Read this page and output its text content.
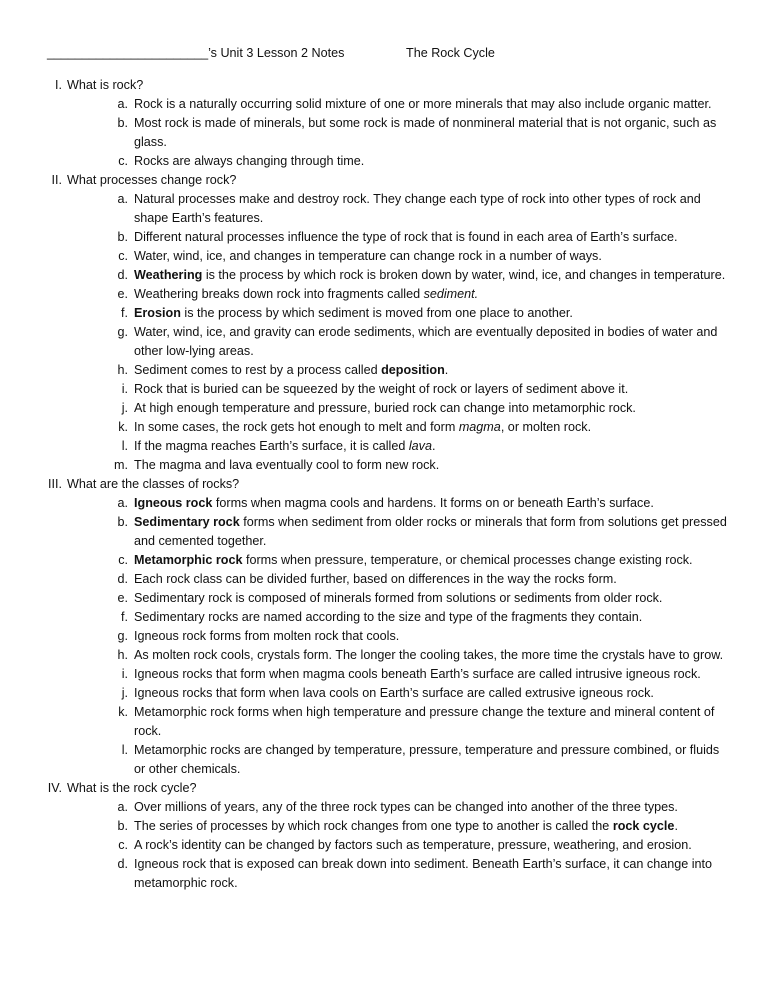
_______________________’s Unit 3 Lesson 2 Notes	The Rock Cycle
I. What is rock?
a. Rock is a naturally occurring solid mixture of one or more minerals that may also include organic matter.
b. Most rock is made of minerals, but some rock is made of nonmineral material that is not organic, such as glass.
c. Rocks are always changing through time.
II. What processes change rock?
a. Natural processes make and destroy rock. They change each type of rock into other types of rock and shape Earth’s features.
b. Different natural processes influence the type of rock that is found in each area of Earth’s surface.
c. Water, wind, ice, and changes in temperature can change rock in a number of ways.
d. Weathering is the process by which rock is broken down by water, wind, ice, and changes in temperature.
e. Weathering breaks down rock into fragments called sediment.
f. Erosion is the process by which sediment is moved from one place to another.
g. Water, wind, ice, and gravity can erode sediments, which are eventually deposited in bodies of water and other low-lying areas.
h. Sediment comes to rest by a process called deposition.
i. Rock that is buried can be squeezed by the weight of rock or layers of sediment above it.
j. At high enough temperature and pressure, buried rock can change into metamorphic rock.
k. In some cases, the rock gets hot enough to melt and form magma, or molten rock.
l. If the magma reaches Earth’s surface, it is called lava.
m. The magma and lava eventually cool to form new rock.
III. What are the classes of rocks?
a. Igneous rock forms when magma cools and hardens. It forms on or beneath Earth’s surface.
b. Sedimentary rock forms when sediment from older rocks or minerals that form from solutions get pressed and cemented together.
c. Metamorphic rock forms when pressure, temperature, or chemical processes change existing rock.
d. Each rock class can be divided further, based on differences in the way the rocks form.
e. Sedimentary rock is composed of minerals formed from solutions or sediments from older rock.
f. Sedimentary rocks are named according to the size and type of the fragments they contain.
g. Igneous rock forms from molten rock that cools.
h. As molten rock cools, crystals form. The longer the cooling takes, the more time the crystals have to grow.
i. Igneous rocks that form when magma cools beneath Earth’s surface are called intrusive igneous rock.
j. Igneous rocks that form when lava cools on Earth’s surface are called extrusive igneous rock.
k. Metamorphic rock forms when high temperature and pressure change the texture and mineral content of rock.
l. Metamorphic rocks are changed by temperature, pressure, temperature and pressure combined, or fluids or other chemicals.
IV. What is the rock cycle?
a. Over millions of years, any of the three rock types can be changed into another of the three types.
b. The series of processes by which rock changes from one type to another is called the rock cycle.
c. A rock’s identity can be changed by factors such as temperature, pressure, weathering, and erosion.
d. Igneous rock that is exposed can break down into sediment. Beneath Earth’s surface, it can change into metamorphic rock.
